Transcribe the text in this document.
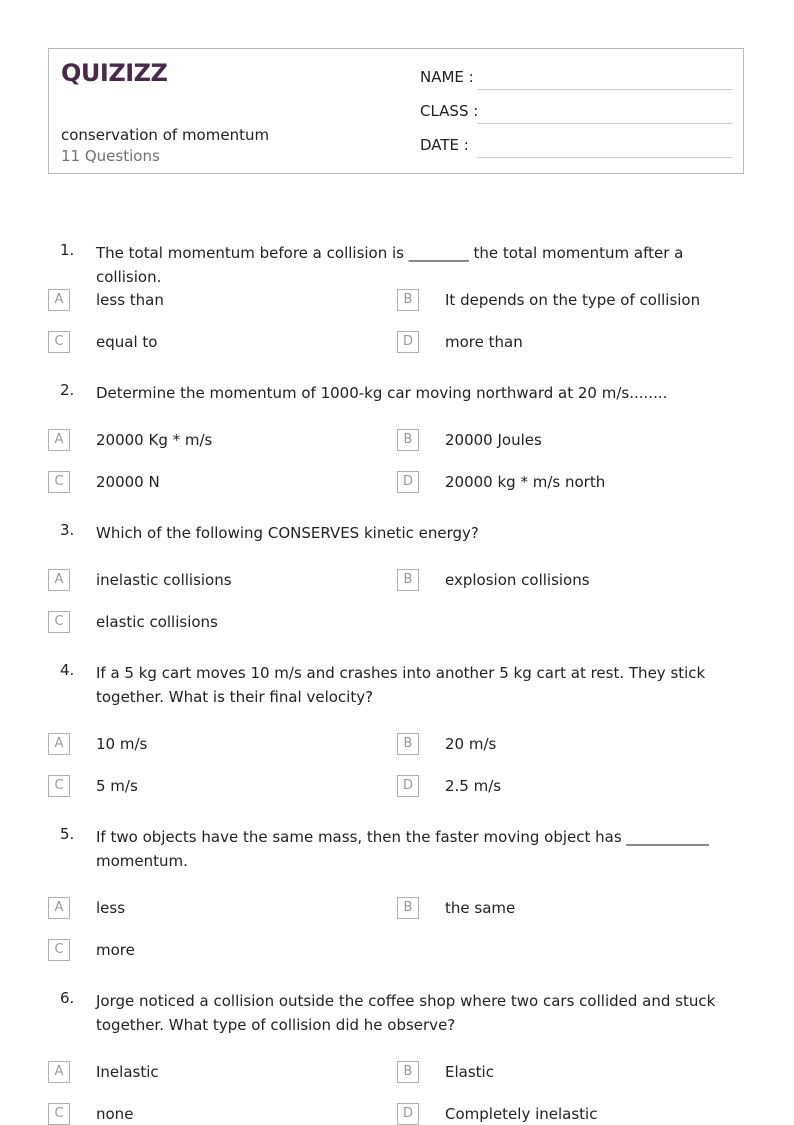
QUIZIZZ
conservation of momentum
11 Questions
NAME :
CLASS :
DATE :
1. The total momentum before a collision is ________ the total momentum after a collision.
A	less than	B	It depends on the type of collision
C	equal to	D	more than
2. Determine the momentum of 1000-kg car moving northward at 20 m/s........
A	20000 Kg * m/s	B	20000 Joules
C	20000 N	D	20000 kg * m/s north
3. Which of the following CONSERVES kinetic energy?
A	inelastic collisions	B	explosion collisions
C	elastic collisions
4. If a 5 kg cart moves 10 m/s and crashes into another 5 kg cart at rest. They stick together. What is their final velocity?
A	10 m/s	B	20 m/s
C	5 m/s	D	2.5 m/s
5. If two objects have the same mass, then the faster moving object has ___________ momentum.
A	less	B	the same
C	more
6. Jorge noticed a collision outside the coffee shop where two cars collided and stuck together. What type of collision did he observe?
A	Inelastic	B	Elastic
C	none	D	Completely inelastic
